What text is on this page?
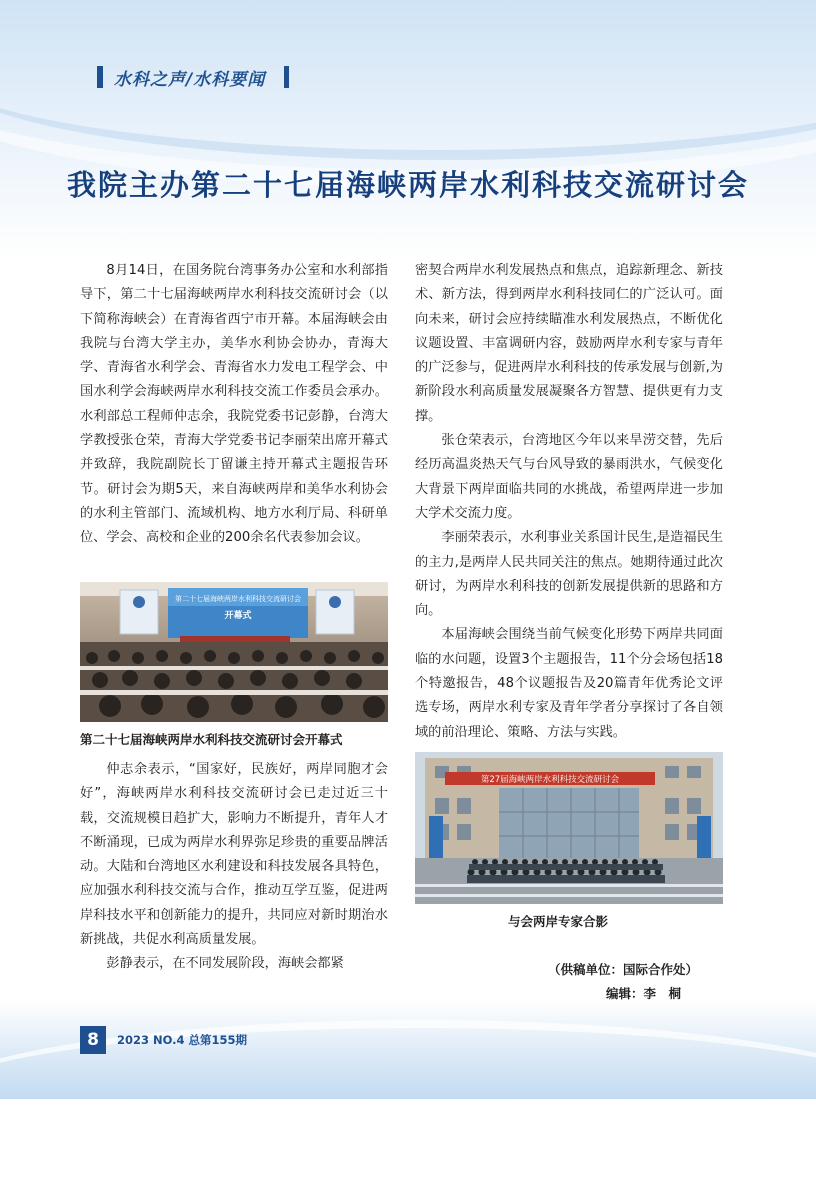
水科之声/水科要闻
我院主办第二十七届海峡两岸水利科技交流研讨会

8月14日，在国务院台湾事务办公室和水利部指导下，第二十七届海峡两岸水利科技交流研讨会（以下简称海峡会）在青海省西宁市开幕。本届海峡会由我院与台湾大学主办，美华水利协会协办，青海大学、青海省水利学会、青海省水力发电工程学会、中国水利学会海峡两岸水利科技交流工作委员会承办。水利部总工程师仲志余，我院党委书记彭静，台湾大学教授张仓荣，青海大学党委书记李丽荣出席开幕式并致辞，我院副院长丁留谦主持开幕式主题报告环节。研讨会为期5天，来自海峡两岸和美华水利协会的水利主管部门、流域机构、地方水利厅局、科研单位、学会、高校和企业的200余名代表参加会议。

第二十七届海峡两岸水利科技交流研讨会
开幕式
第二十七届海峡两岸水利科技交流研讨会开幕式

仲志余表示，“国家好，民族好，两岸同胞才会好”，海峡两岸水利科技交流研讨会已走过近三十载，交流规模日趋扩大，影响力不断提升，青年人才不断涌现，已成为两岸水利界弥足珍贵的重要品牌活动。大陆和台湾地区水利建设和科技发展各具特色，应加强水利科技交流与合作，推动互学互鉴，促进两岸科技水平和创新能力的提升，共同应对新时期治水新挑战，共促水利高质量发展。

彭静表示，在不同发展阶段，海峡会都紧

密契合两岸水利发展热点和焦点，追踪新理念、新技术、新方法，得到两岸水利科技同仁的广泛认可。面向未来，研讨会应持续瞄准水利发展热点，不断优化议题设置、丰富调研内容，鼓励两岸水利专家与青年的广泛参与，促进两岸水利科技的传承发展与创新,为新阶段水利高质量发展凝聚各方智慧、提供更有力支撑。

张仓荣表示，台湾地区今年以来旱涝交替，先后经历高温炎热天气与台风导致的暴雨洪水，气候变化大背景下两岸面临共同的水挑战，希望两岸进一步加大学术交流力度。

李丽荣表示，水利事业关系国计民生,是造福民生的主力,是两岸人民共同关注的焦点。她期待通过此次研讨，为两岸水利科技的创新发展提供新的思路和方向。

本届海峡会围绕当前气候变化形势下两岸共同面临的水问题，设置3个主题报告，11个分会场包括18个特邀报告，48个议题报告及20篇青年优秀论文评选专场，两岸水利专家及青年学者分享探讨了各自领域的前沿理论、策略、方法与实践。

第27届海峡两岸水利科技交流研讨会
与会两岸专家合影
（供稿单位：国际合作处）
编辑：李　桐
8	2023 NO.4 总第155期
